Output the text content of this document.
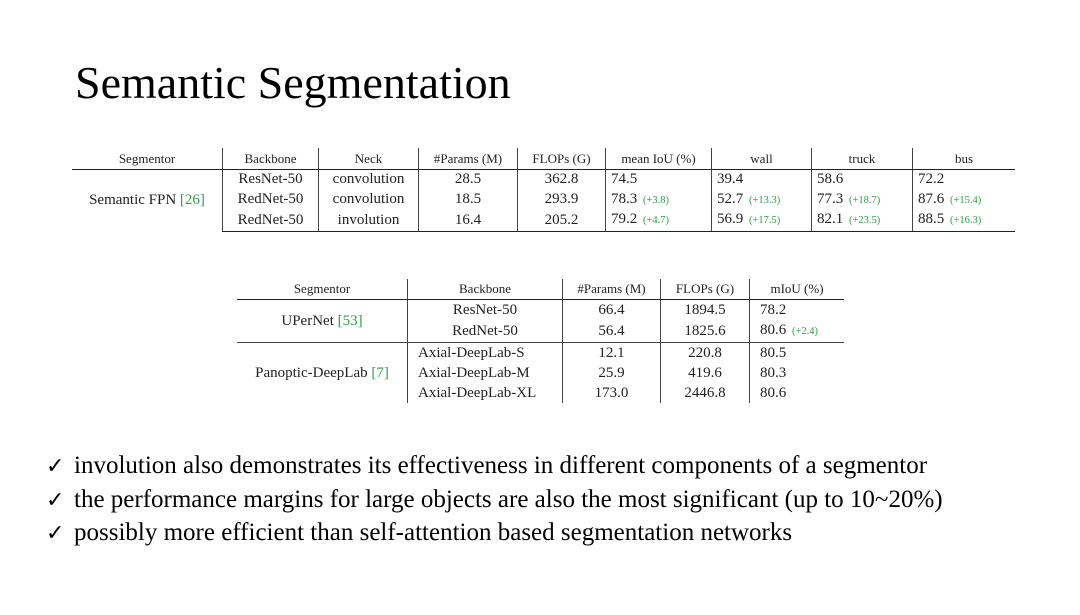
Semantic Segmentation
Segmentor	Backbone	Neck	#Params (M)	FLOPs (G)	mean IoU (%)	wall	truck	bus
Semantic FPN [26]	ResNet-50	convolution	28.5	362.8	74.5	39.4	58.6	72.2
	RedNet-50	convolution	18.5	293.9	78.3 (+3.8)	52.7 (+13.3)	77.3 (+18.7)	87.6 (+15.4)
	RedNet-50	involution	16.4	205.2	79.2 (+4.7)	56.9 (+17.5)	82.1 (+23.5)	88.5 (+16.3)
Segmentor	Backbone	#Params (M)	FLOPs (G)	mIoU (%)
UPerNet [53]	ResNet-50	66.4	1894.5	78.2
	RedNet-50	56.4	1825.6	80.6 (+2.4)
Panoptic-DeepLab [7]	Axial-DeepLab-S	12.1	220.8	80.5
	Axial-DeepLab-M	25.9	419.6	80.3
	Axial-DeepLab-XL	173.0	2446.8	80.6
✓ involution also demonstrates its effectiveness in different components of a segmentor
✓ the performance margins for large objects are also the most significant (up to 10~20%)
✓ possibly more efficient than self-attention based segmentation networks
